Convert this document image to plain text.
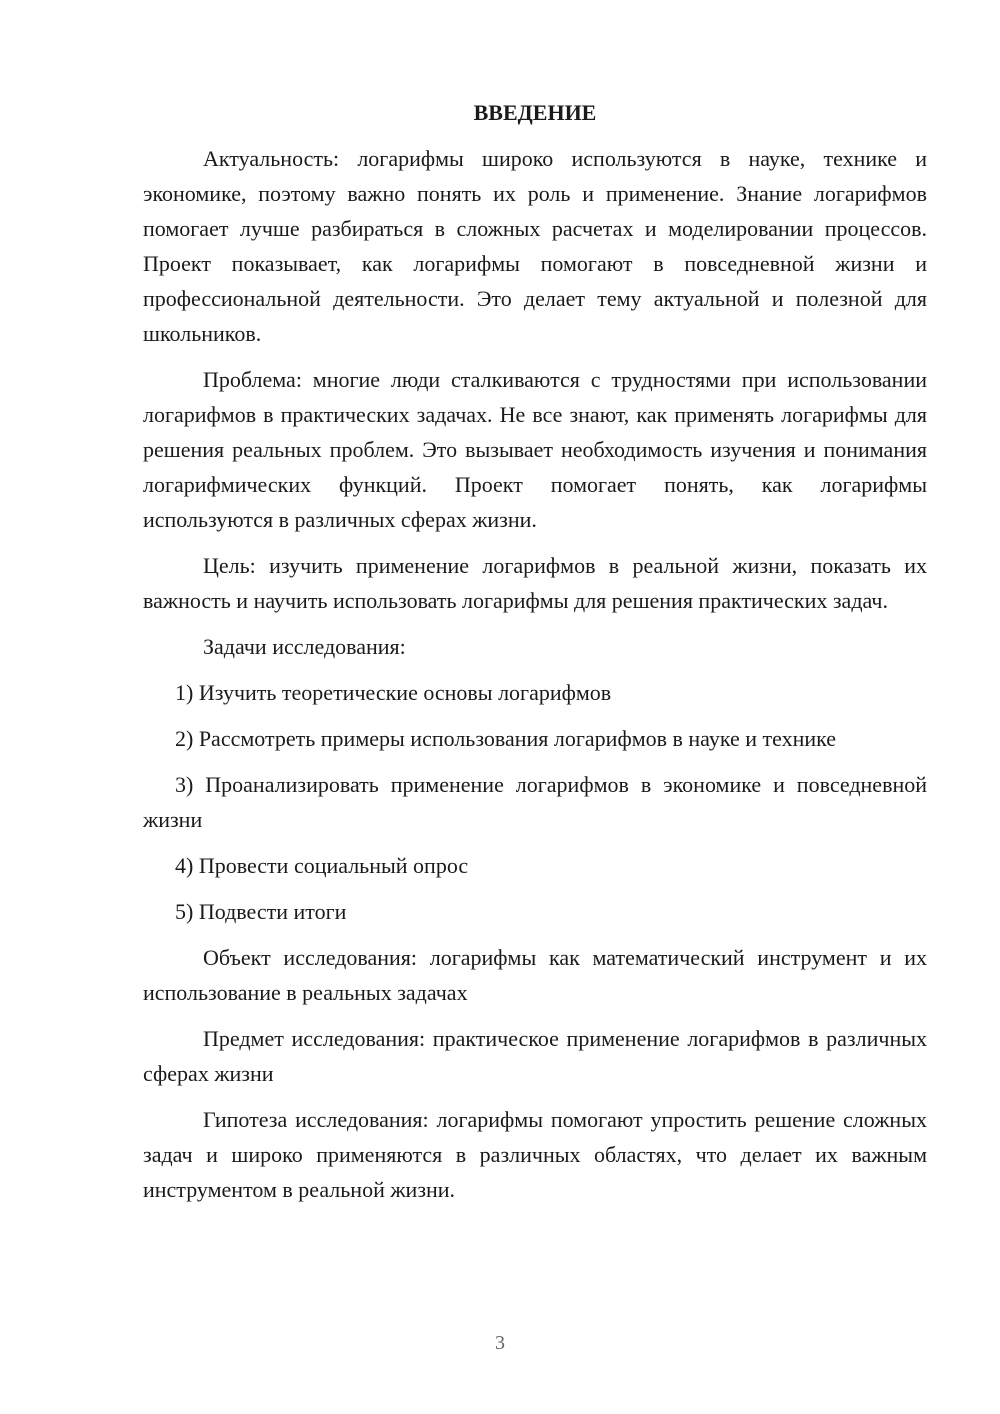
ВВЕДЕНИЕ

Актуальность: логарифмы широко используются в науке, технике и экономике, поэтому важно понять их роль и применение. Знание логарифмов помогает лучше разбираться в сложных расчетах и моделировании процессов. Проект показывает, как логарифмы помогают в повседневной жизни и профессиональной деятельности. Это делает тему актуальной и полезной для школьников.

Проблема: многие люди сталкиваются с трудностями при использовании логарифмов в практических задачах. Не все знают, как применять логарифмы для решения реальных проблем. Это вызывает необходимость изучения и понимания логарифмических функций. Проект помогает понять, как логарифмы используются в различных сферах жизни.

Цель: изучить применение логарифмов в реальной жизни, показать их важность и научить использовать логарифмы для решения практических задач.

Задачи исследования:

1) Изучить теоретические основы логарифмов

2) Рассмотреть примеры использования логарифмов в науке и технике

3) Проанализировать применение логарифмов в экономике и повседневной жизни

4) Провести социальный опрос

5) Подвести итоги

Объект исследования: логарифмы как математический инструмент и их использование в реальных задачах

Предмет исследования: практическое применение логарифмов в различных сферах жизни

Гипотеза исследования: логарифмы помогают упростить решение сложных задач и широко применяются в различных областях, что делает их важным инструментом в реальной жизни.

3
